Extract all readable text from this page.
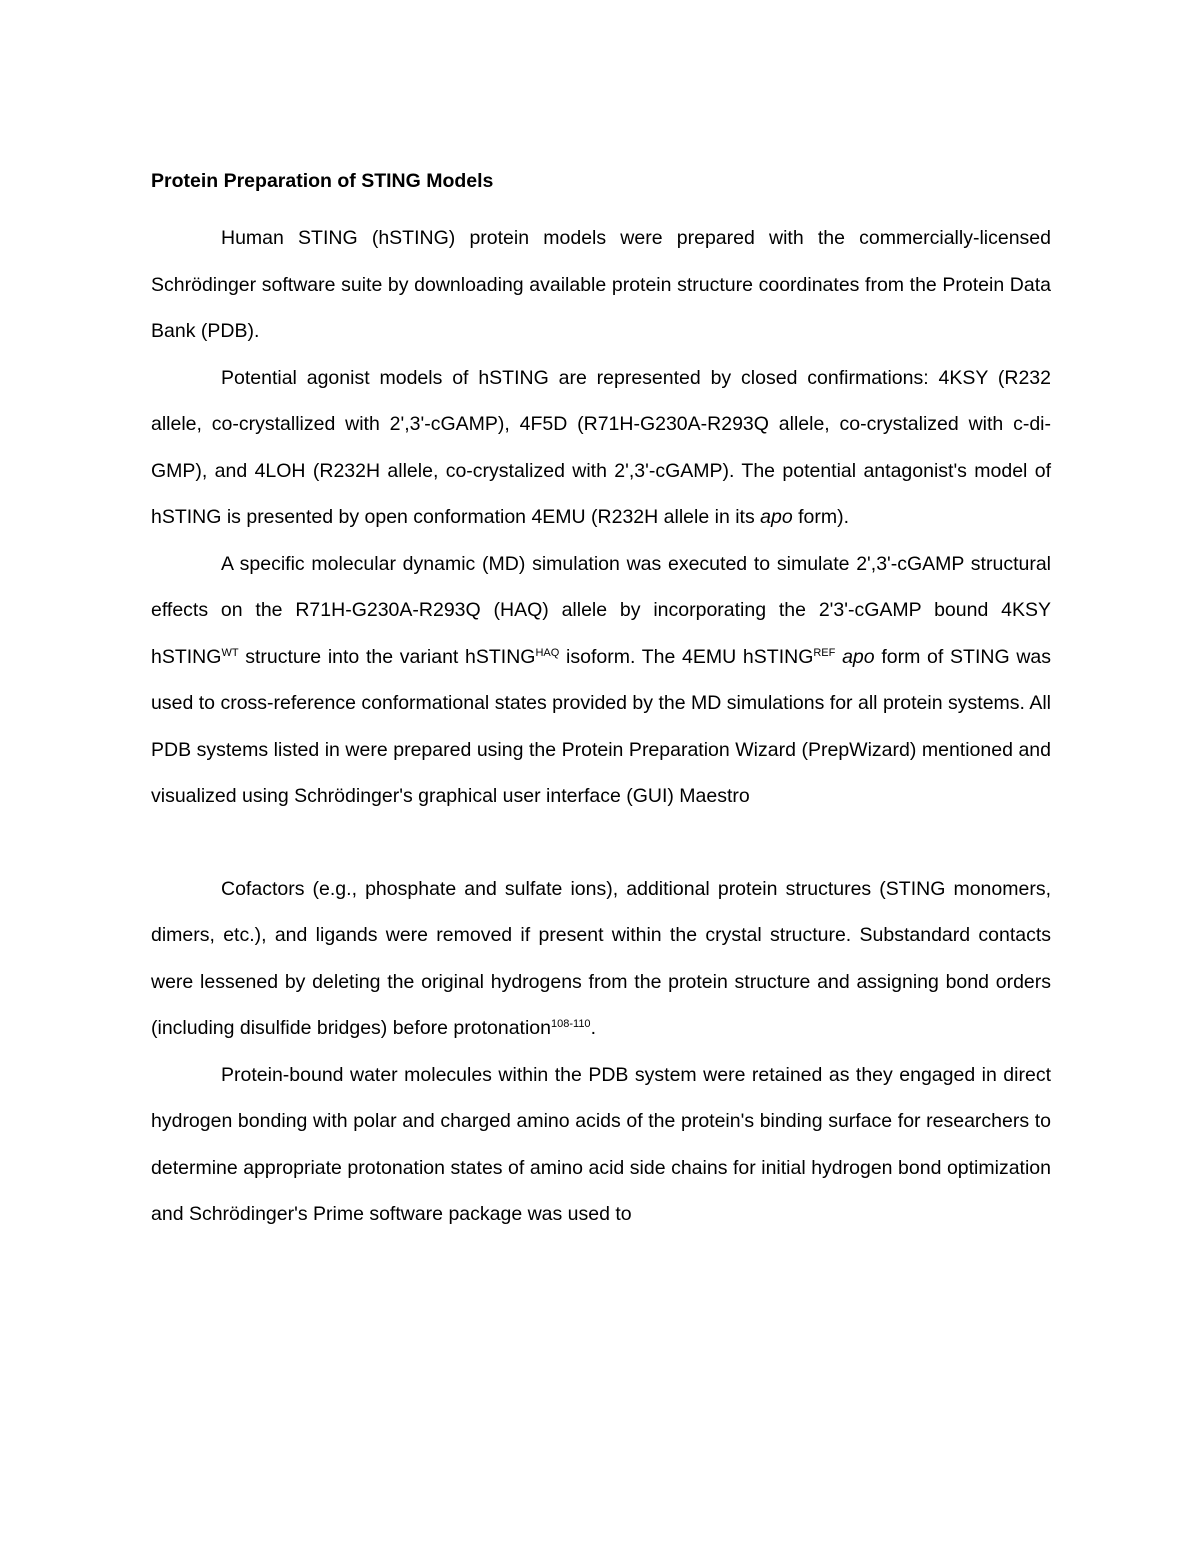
Protein Preparation of STING Models

Human STING (hSTING) protein models were prepared with the commercially-licensed Schrödinger software suite by downloading available protein structure coordinates from the Protein Data Bank (PDB).

Potential agonist models of hSTING are represented by closed confirmations: 4KSY (R232 allele, co-crystallized with 2',3'-cGAMP), 4F5D (R71H-G230A-R293Q allele, co-crystalized with c-di-GMP), and 4LOH (R232H allele, co-crystalized with 2',3'-cGAMP). The potential antagonist's model of hSTING is presented by open conformation 4EMU (R232H allele in its apo form).

A specific molecular dynamic (MD) simulation was executed to simulate 2',3'-cGAMP structural effects on the R71H-G230A-R293Q (HAQ) allele by incorporating the 2'3'-cGAMP bound 4KSY hSTING$^{WT}$ structure into the variant hSTING$^{HAQ}$ isoform. The 4EMU hSTING$^{REF}$ apo form of STING was used to cross-reference conformational states provided by the MD simulations for all protein systems. All PDB systems listed in were prepared using the Protein Preparation Wizard (PrepWizard) mentioned and visualized using Schrödinger's graphical user interface (GUI) Maestro

Cofactors (e.g., phosphate and sulfate ions), additional protein structures (STING monomers, dimers, etc.), and ligands were removed if present within the crystal structure. Substandard contacts were lessened by deleting the original hydrogens from the protein structure and assigning bond orders (including disulfide bridges) before protonation$^{108-110}$.

Protein-bound water molecules within the PDB system were retained as they engaged in direct hydrogen bonding with polar and charged amino acids of the protein's binding surface for researchers to determine appropriate protonation states of amino acid side chains for initial hydrogen bond optimization and Schrödinger's Prime software package was used to
